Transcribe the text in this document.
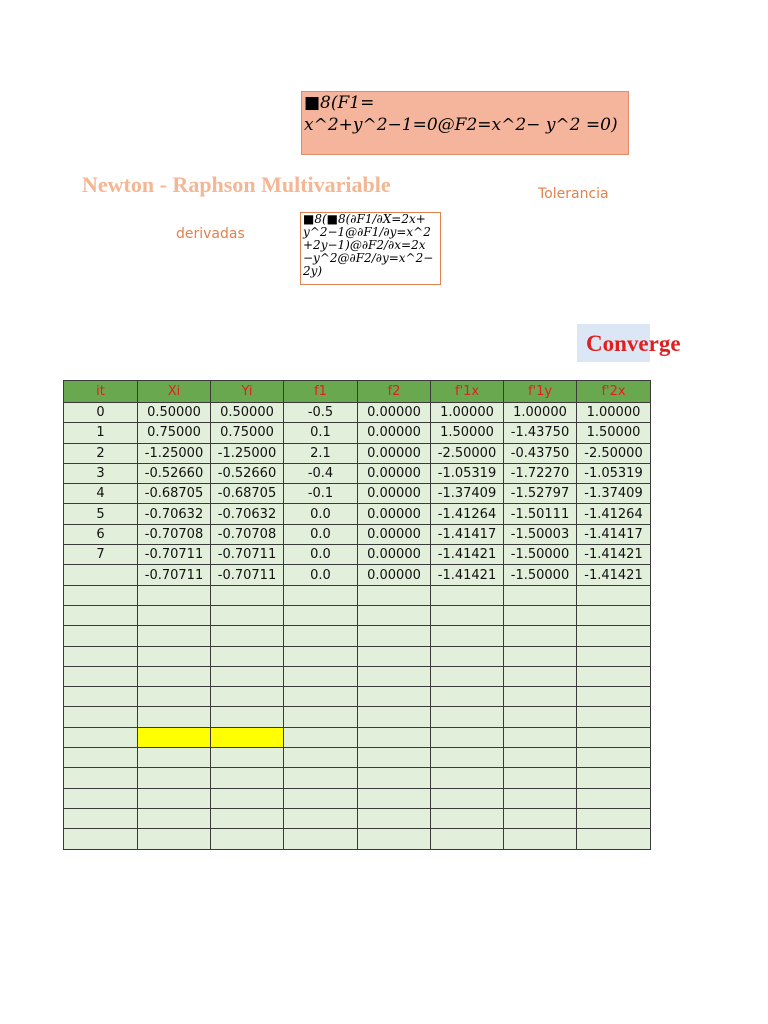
■8(𝐹1=
𝑥^2+𝑦^2−1=0@𝐹2=𝑥^2− 𝑦^2 =0)
Newton - Raphson Multivariable	Tolerancia
derivadas
■8(■8(∂𝐹1/∂𝑋=2𝑥+
𝑦^2−1@∂𝐹1/∂𝑦=𝑥^2
+2𝑦−1)@∂𝐹2/∂𝑥=2𝑥
−𝑦^2@∂𝐹2/∂𝑦=𝑥^2−
2𝑦)
Converge
it	Xi	Yi	f1	f2	f'1x	f'1y	f'2x
0	0.50000	0.50000	-0.5	0.00000	1.00000	1.00000	1.00000
1	0.75000	0.75000	0.1	0.00000	1.50000	-1.43750	1.50000
2	-1.25000	-1.25000	2.1	0.00000	-2.50000	-0.43750	-2.50000
3	-0.52660	-0.52660	-0.4	0.00000	-1.05319	-1.72270	-1.05319
4	-0.68705	-0.68705	-0.1	0.00000	-1.37409	-1.52797	-1.37409
5	-0.70632	-0.70632	0.0	0.00000	-1.41264	-1.50111	-1.41264
6	-0.70708	-0.70708	0.0	0.00000	-1.41417	-1.50003	-1.41417
7	-0.70711	-0.70711	0.0	0.00000	-1.41421	-1.50000	-1.41421
	-0.70711	-0.70711	0.0	0.00000	-1.41421	-1.50000	-1.41421
